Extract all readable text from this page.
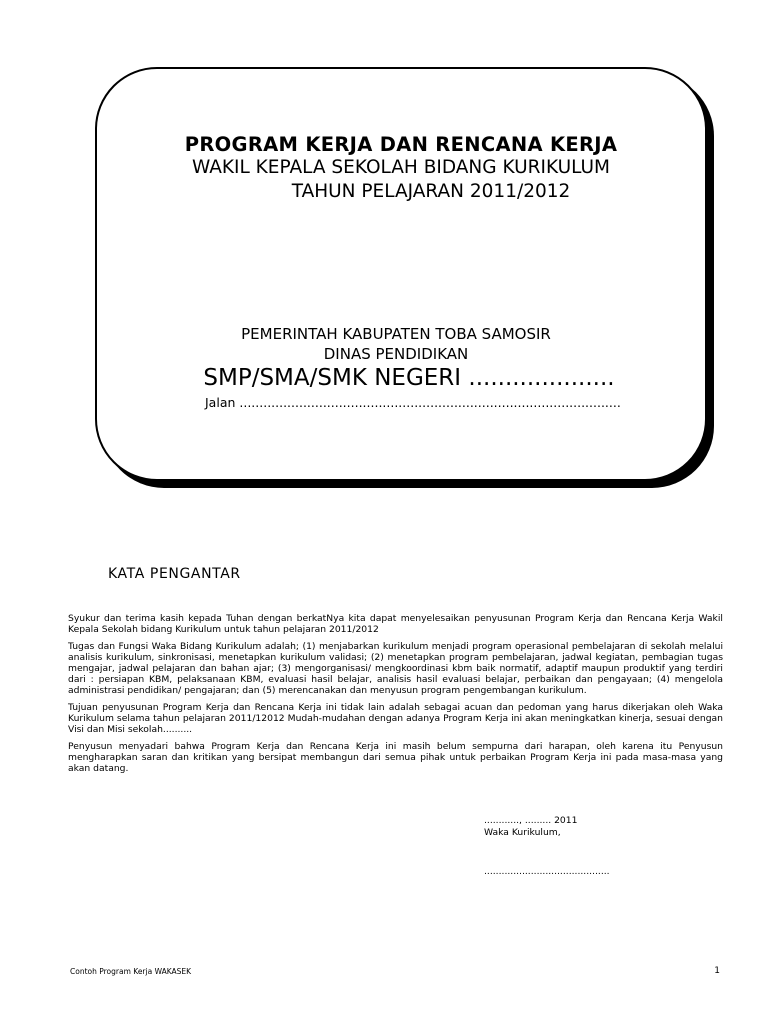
PROGRAM KERJA DAN RENCANA KERJA
WAKIL KEPALA SEKOLAH BIDANG KURIKULUM
TAHUN PELAJARAN 2011/2012
PEMERINTAH KABUPATEN TOBA SAMOSIR
DINAS PENDIDIKAN
SMP/SMA/SMK NEGERI ....................
Jalan ................................................................................................
KATA PENGANTAR

Syukur dan terima kasih kepada Tuhan dengan berkatNya kita dapat menyelesaikan penyusunan Program Kerja dan Rencana Kerja Wakil Kepala Sekolah bidang Kurikulum untuk tahun pelajaran 2011/2012

Tugas dan Fungsi Waka Bidang Kurikulum adalah; (1) menjabarkan kurikulum menjadi program operasional pembelajaran di sekolah melalui analisis kurikulum, sinkronisasi, menetapkan kurikulum validasi; (2) menetapkan program pembelajaran, jadwal kegiatan, pembagian tugas mengajar, jadwal pelajaran dan bahan ajar; (3) mengorganisasi/ mengkoordinasi kbm baik normatif, adaptif maupun produktif yang terdiri dari : persiapan KBM, pelaksanaan KBM, evaluasi hasil belajar, analisis hasil evaluasi belajar, perbaikan dan pengayaan; (4) mengelola administrasi pendidikan/ pengajaran; dan (5) merencanakan dan menyusun program pengembangan kurikulum.

Tujuan penyusunan Program Kerja dan Rencana Kerja ini tidak lain adalah sebagai acuan dan pedoman yang harus dikerjakan oleh Waka Kurikulum selama tahun pelajaran 2011/12012 Mudah-mudahan dengan adanya Program Kerja ini akan meningkatkan kinerja, sesuai dengan Visi dan Misi sekolah..........

Penyusun menyadari bahwa Program Kerja dan Rencana Kerja ini masih belum sempurna dari harapan, oleh karena itu Penyusun mengharapkan saran dan kritikan yang bersipat membangun dari semua pihak untuk perbaikan Program Kerja ini pada masa-masa yang akan datang.

............, ......... 2011
Waka Kurikulum,
...........................................
Contoh Program Kerja WAKASEK	1
